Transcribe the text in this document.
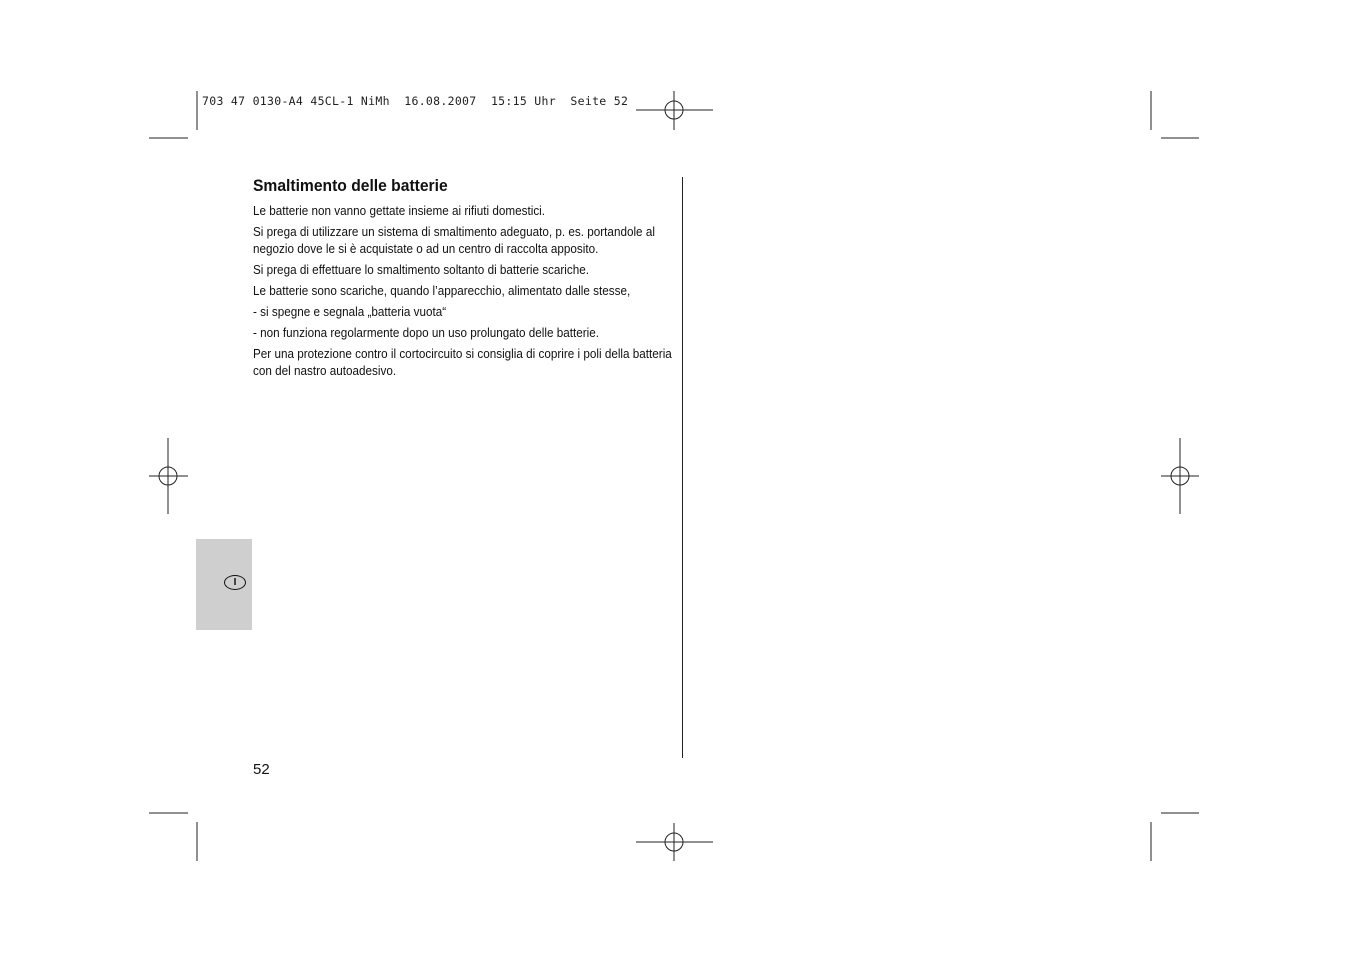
703 47 0130-A4 45CL-1 NiMh  16.08.2007  15:15 Uhr  Seite 52
Smaltimento delle batterie

Le batterie non vanno gettate insieme ai rifiuti domestici.

Si prega di utilizzare un sistema di smaltimento adeguato, p. es. portandole al negozio dove le si è acquistate o ad un centro di raccolta apposito.

Si prega di effettuare lo smaltimento soltanto di batterie scariche.

Le batterie sono scariche, quando l’apparecchio, alimentato dalle stesse,

- si spegne e segnala „batteria vuota“

- non funziona regolarmente dopo un uso prolungato delle batterie.

Per una protezione contro il cortocircuito si consiglia di coprire i poli della batteria con del nastro autoadesivo.

I
52
